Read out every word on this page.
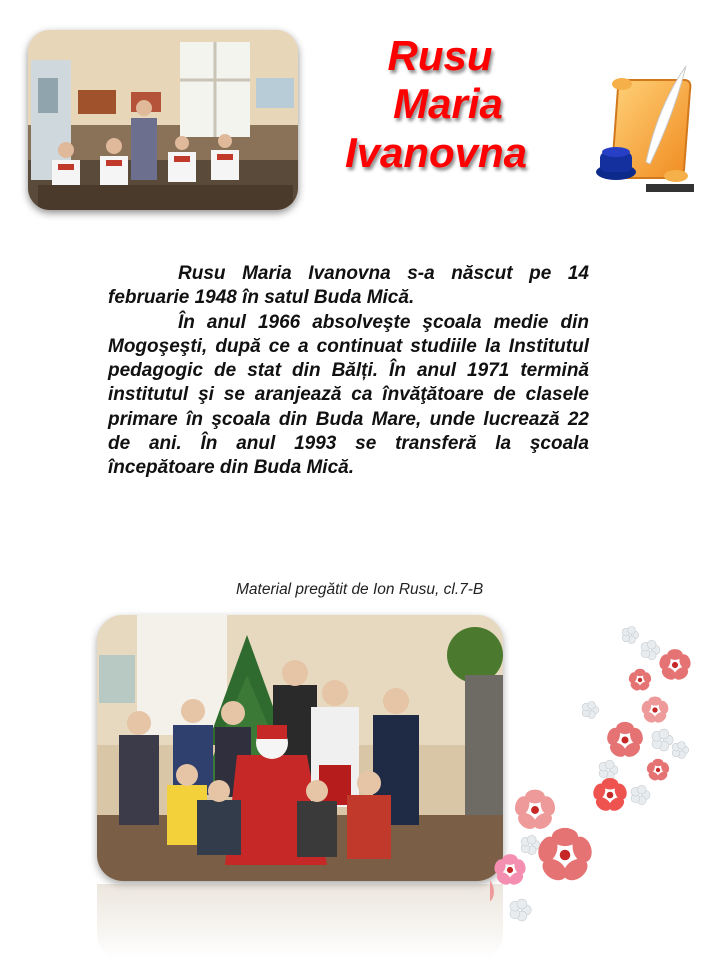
Rusu
Maria
Ivanovna

Rusu Maria Ivanovna s-a născut pe 14 februarie 1948 în satul Buda Mică.

În anul 1966 absolveşte şcoala medie din Mogoşeşti, după ce a continuat studiile la Institutul pedagogic de stat din Bălți. În anul 1971 termină institutul şi se aranjează ca învăţătoare de clasele primare în şcoala din Buda Mare, unde lucrează 22 de ani. În anul 1993 se transferă la şcoala începătoare din Buda Mică.

Material pregătit de Ion Rusu, cl.7-B
